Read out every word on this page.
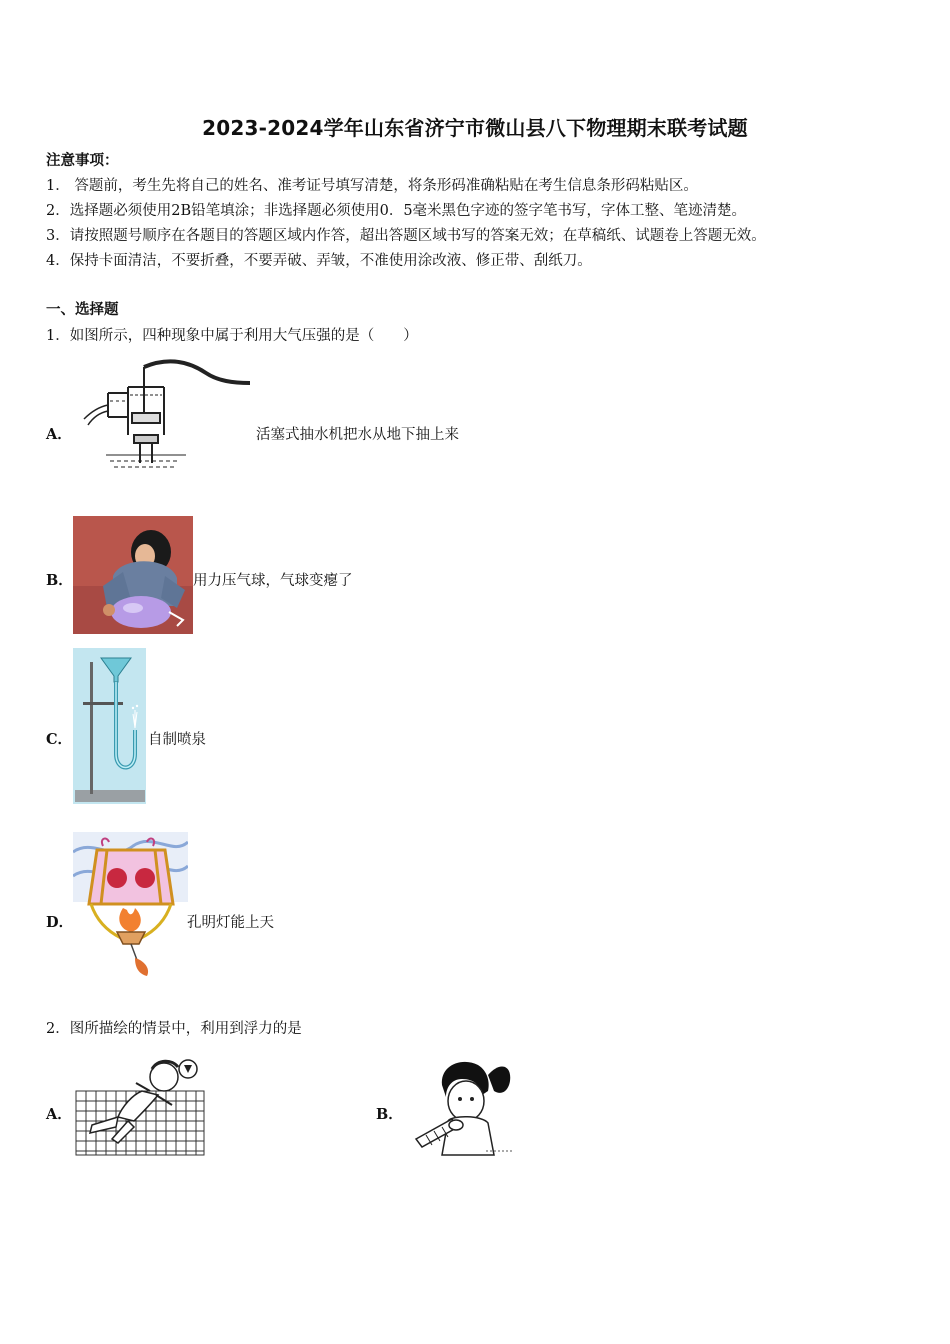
2023-2024学年山东省济宁市微山县八下物理期末联考试题
注意事项：
1． 答题前，考生先将自己的姓名、准考证号填写清楚，将条形码准确粘贴在考生信息条形码粘贴区。
2．选择题必须使用2B铅笔填涂；非选择题必须使用0．5毫米黑色字迹的签字笔书写，字体工整、笔迹清楚。
3．请按照题号顺序在各题目的答题区域内作答，超出答题区域书写的答案无效；在草稿纸、试题卷上答题无效。
4．保持卡面清洁，不要折叠，不要弄破、弄皱，不准使用涂改液、修正带、刮纸刀。
一、选择题
1．如图所示，四种现象中属于利用大气压强的是（　　）
A．	活塞式抽水机把水从地下抽上来
B．	用力压气球，气球变瘪了
C．	自制喷泉
D．	孔明灯能上天
2．图所描绘的情景中，利用到浮力的是
A．	B．
